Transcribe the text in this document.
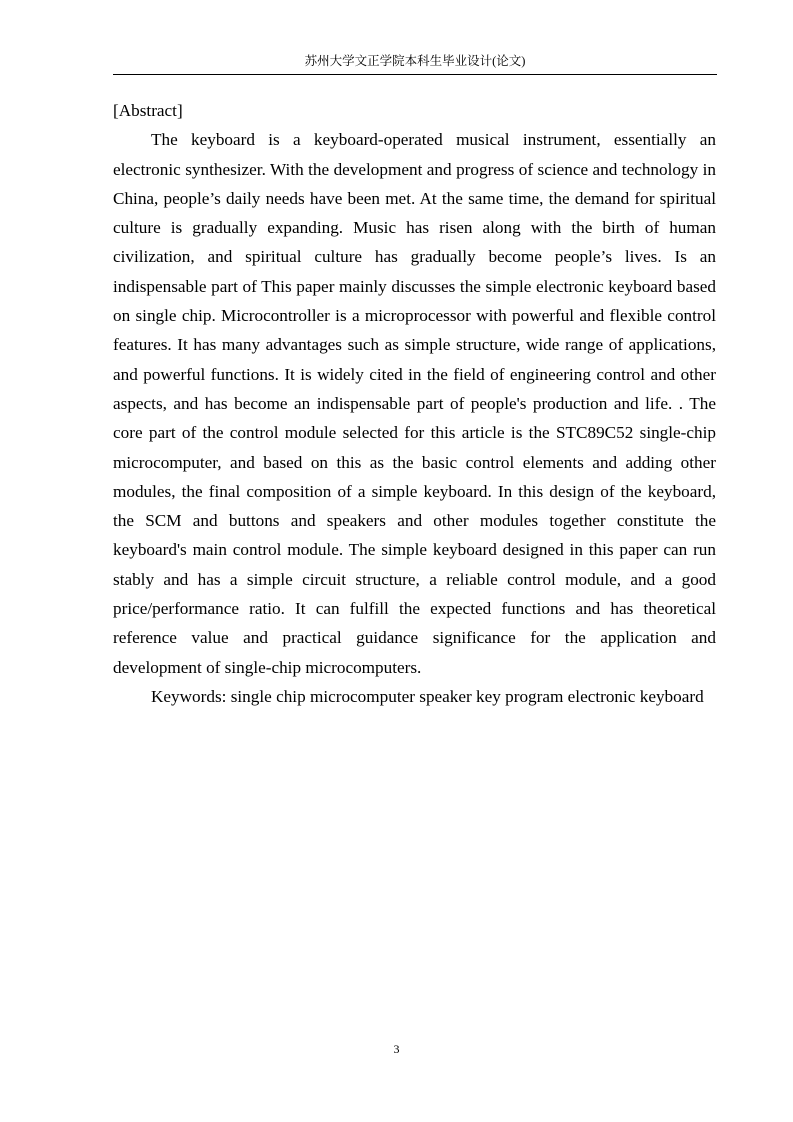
苏州大学文正学院本科生毕业设计(论文)

[Abstract]

The keyboard is a keyboard-operated musical instrument, essentially an electronic synthesizer. With the development and progress of science and technology in China, people’s daily needs have been met. At the same time, the demand for spiritual culture is gradually expanding. Music has risen along with the birth of human civilization, and spiritual culture has gradually become people’s lives. Is an indispensable part of This paper mainly discusses the simple electronic keyboard based on single chip. Microcontroller is a microprocessor with powerful and flexible control features. It has many advantages such as simple structure, wide range of applications, and powerful functions. It is widely cited in the field of engineering control and other aspects, and has become an indispensable part of people's production and life. . The core part of the control module selected for this article is the STC89C52 single-chip microcomputer, and based on this as the basic control elements and adding other modules, the final composition of a simple keyboard. In this design of the keyboard, the SCM and buttons and speakers and other modules together constitute the keyboard's main control module. The simple keyboard designed in this paper can run stably and has a simple circuit structure, a reliable control module, and a good price/performance ratio. It can fulfill the expected functions and has theoretical reference value and practical guidance significance for the application and development of single-chip microcomputers.

Keywords: single chip microcomputer speaker key program electronic keyboard

3
